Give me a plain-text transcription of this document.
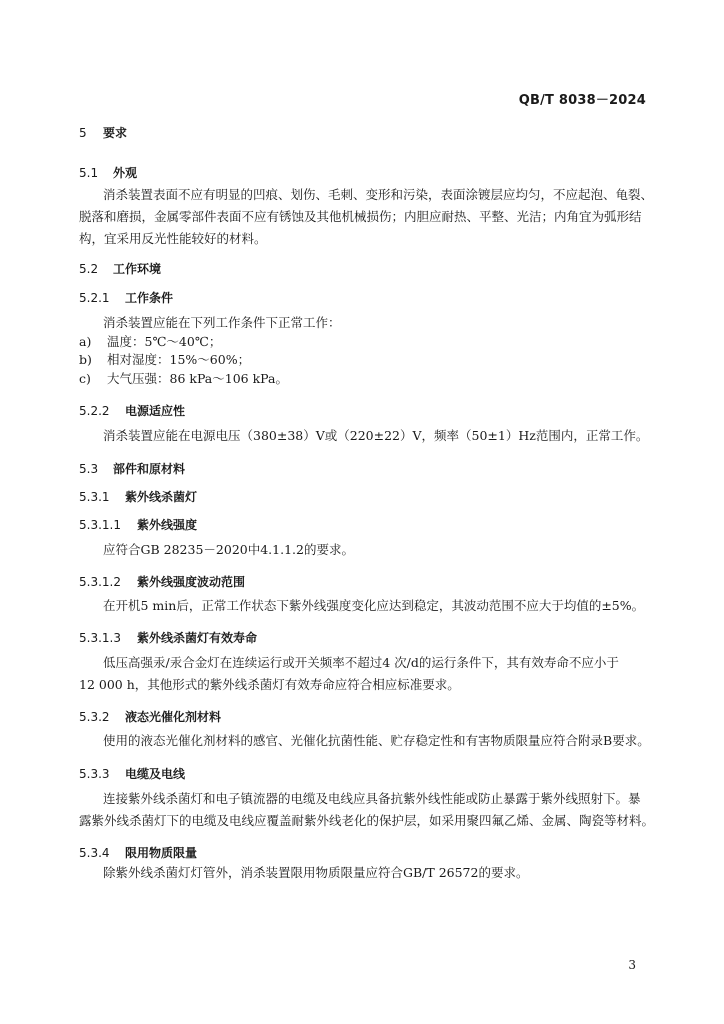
QB/T 8038－2024
5 要求
5.1 外观
消杀装置表面不应有明显的凹痕、划伤、毛刺、变形和污染，表面涂镀层应均匀，不应起泡、龟裂、
脱落和磨损，金属零部件表面不应有锈蚀及其他机械损伤；内胆应耐热、平整、光洁；内角宜为弧形结
构，宜采用反光性能较好的材料。
5.2 工作环境
5.2.1 工作条件
消杀装置应能在下列工作条件下正常工作：
a) 温度：5℃～40℃；
b) 相对湿度：15%～60%；
c) 大气压强：86 kPa～106 kPa。
5.2.2 电源适应性
消杀装置应能在电源电压（380±38）V或（220±22）V，频率（50±1）Hz范围内，正常工作。
5.3 部件和原材料
5.3.1 紫外线杀菌灯
5.3.1.1 紫外线强度
应符合GB 28235－2020中4.1.1.2的要求。
5.3.1.2 紫外线强度波动范围
在开机5 min后，正常工作状态下紫外线强度变化应达到稳定，其波动范围不应大于均值的±5%。
5.3.1.3 紫外线杀菌灯有效寿命
低压高强汞/汞合金灯在连续运行或开关频率不超过4 次/d的运行条件下，其有效寿命不应小于
12 000 h，其他形式的紫外线杀菌灯有效寿命应符合相应标准要求。
5.3.2 液态光催化剂材料
使用的液态光催化剂材料的感官、光催化抗菌性能、贮存稳定性和有害物质限量应符合附录B要求。
5.3.3 电缆及电线
连接紫外线杀菌灯和电子镇流器的电缆及电线应具备抗紫外线性能或防止暴露于紫外线照射下。暴
露紫外线杀菌灯下的电缆及电线应覆盖耐紫外线老化的保护层，如采用聚四氟乙烯、金属、陶瓷等材料。
5.3.4 限用物质限量
除紫外线杀菌灯灯管外，消杀装置限用物质限量应符合GB/T 26572的要求。
3
